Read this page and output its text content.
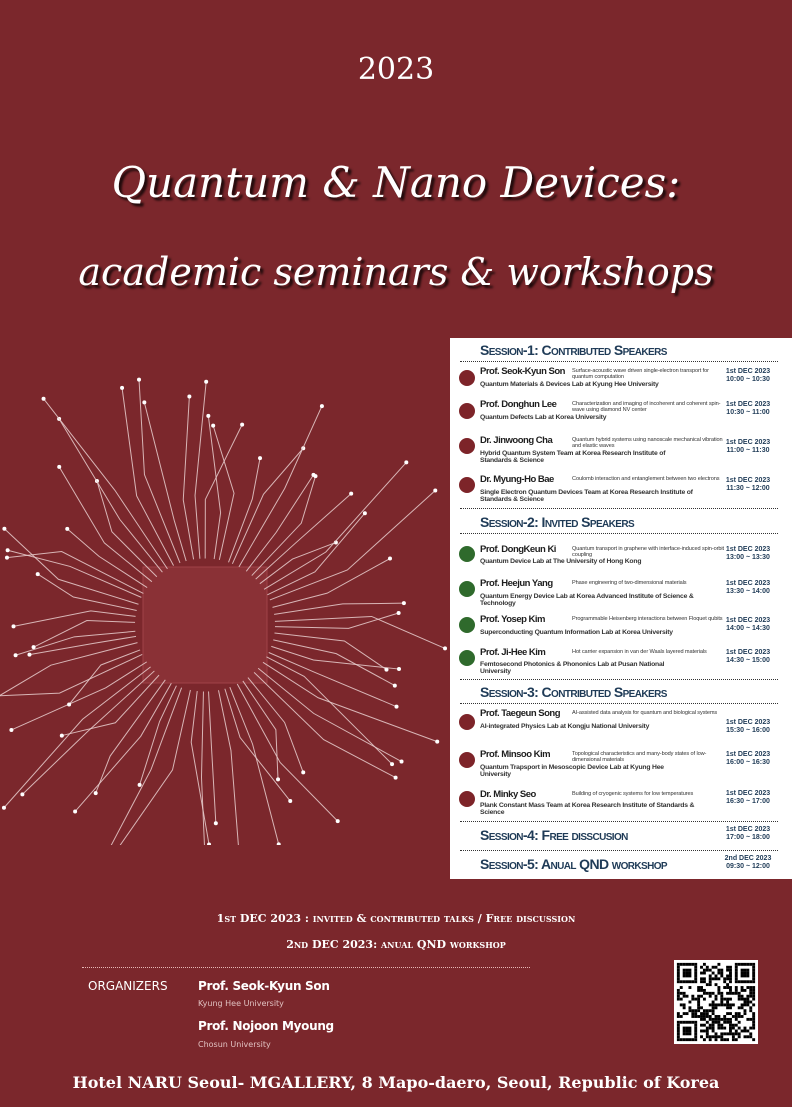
2023
Quantum & Nano Devices:
academic seminars & workshops
Session-1: Contributed Speakers
Prof. Seok-Kyun Son Surface-acoustic wave driven single-electron transport for quantum computation
Quantum Materials & Devices Lab at Kyung Hee University
1st DEC 2023
10:00 ~ 10:30
Prof. Donghun Lee	Characterization and imaging of incoherent and coherent spin-wave using diamond NV center
Quantum Defects Lab at Korea University
1st DEC 2023
10:30 ~ 11:00
Dr. Jinwoong Cha	Quantum hybrid systems using nanoscale mechanical vibration and elastic waves
Hybrid Quantum System Team at Korea Research Institute of Standards & Science
1st DEC 2023
11:00 ~ 11:30
Dr. Myung-Ho Bae	Coulomb interaction and entanglement between two electrons
Single Electron Quantum Devices Team at Korea Research Institute of Standards & Science
1st DEC 2023
11:30 ~ 12:00
Session-2: Invited Speakers
Prof. DongKeun Ki	Quantum transport in graphene with interface-induced spin-orbit coupling
Quantum Device Lab at The University of Hong Kong
1st DEC 2023
13:00 ~ 13:30
Prof. Heejun Yang	Phase engineering of two-dimensional materials
Quantum Energy Device Lab at Korea Advanced Institute of Science & Technology
1st DEC 2023
13:30 ~ 14:00
Prof. Yosep Kim	Programmable Heisenberg interactions between Floquet qubits
Superconducting Quantum Information Lab at Korea University
1st DEC 2023
14:00 ~ 14:30
Prof. Ji-Hee Kim	Hot carrier expansion in van der Waals layered materials
Femtosecond Photonics & Phononics Lab at Pusan National University
1st DEC 2023
14:30 ~ 15:00
Session-3: Contributed Speakers
Prof. Taegeun Song AI-assisted data analysis for quantum and biological systems
AI-integrated Physics Lab at Kongju National University
1st DEC 2023
15:30 ~ 16:00
Prof. Minsoo Kim	Topological characteristics and many-body states of low-dimensional materials
Quantum Trapsport in Mesoscopic Device Lab at Kyung Hee University
1st DEC 2023
16:00 ~ 16:30
Dr. Minky Seo	Building of cryogenic systems for low temperatures
Plank Constant Mass Team at Korea Research Institute of Standards & Science
1st DEC 2023
16:30 ~ 17:00
Session-4: Free disscusion	1st DEC 2023
17:00 ~ 18:00
Session-5: Anual QND workshop	2nd DEC 2023
09:30 ~ 12:00
1st DEC 2023 : invited & contributed talks / Free discussion
2nd DEC 2023: anual QND workshop
ORGANIZERS	Prof. Seok-Kyun Son
Kyung Hee University
Prof. Nojoon Myoung
Chosun University
Hotel NARU Seoul- MGALLERY, 8 Mapo-daero, Seoul, Republic of Korea
